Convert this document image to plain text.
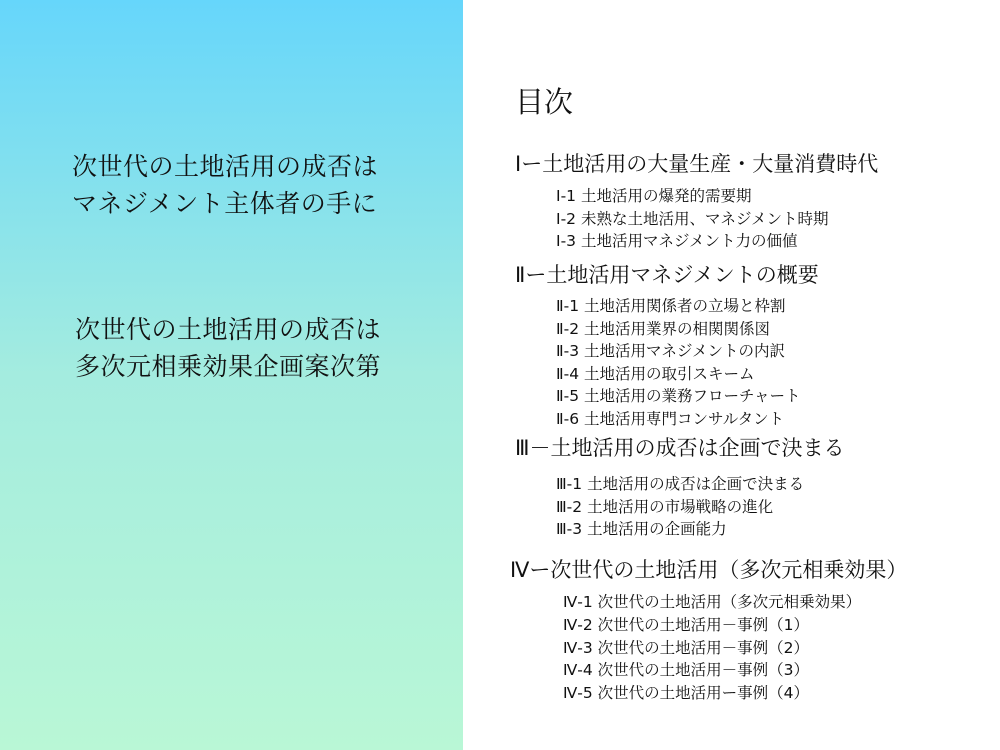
次世代の土地活用の成否は
マネジメント主体者の手に
次世代の土地活用の成否は
多次元相乗効果企画案次第
目次
Ⅰー土地活用の大量生産・大量消費時代
Ⅰ-1 土地活用の爆発的需要期
Ⅰ-2 未熟な土地活用、マネジメント時期
Ⅰ-3 土地活用マネジメント力の価値
Ⅱー土地活用マネジメントの概要
Ⅱ-1 土地活用関係者の立場と枠割
Ⅱ-2 土地活用業界の相関関係図
Ⅱ-3 土地活用マネジメントの内訳
Ⅱ-4 土地活用の取引スキーム
Ⅱ-5 土地活用の業務フローチャート
Ⅱ-6 土地活用専門コンサルタント
Ⅲ－土地活用の成否は企画で決まる
Ⅲ-1 土地活用の成否は企画で決まる
Ⅲ-2 土地活用の市場戦略の進化
Ⅲ-3 土地活用の企画能力
Ⅳー次世代の土地活用（多次元相乗効果）
Ⅳ-1 次世代の土地活用（多次元相乗効果）
Ⅳ-2 次世代の土地活用－事例（1）
Ⅳ-3 次世代の土地活用－事例（2）
Ⅳ-4 次世代の土地活用－事例（3）
Ⅳ-5 次世代の土地活用ー事例（4）
